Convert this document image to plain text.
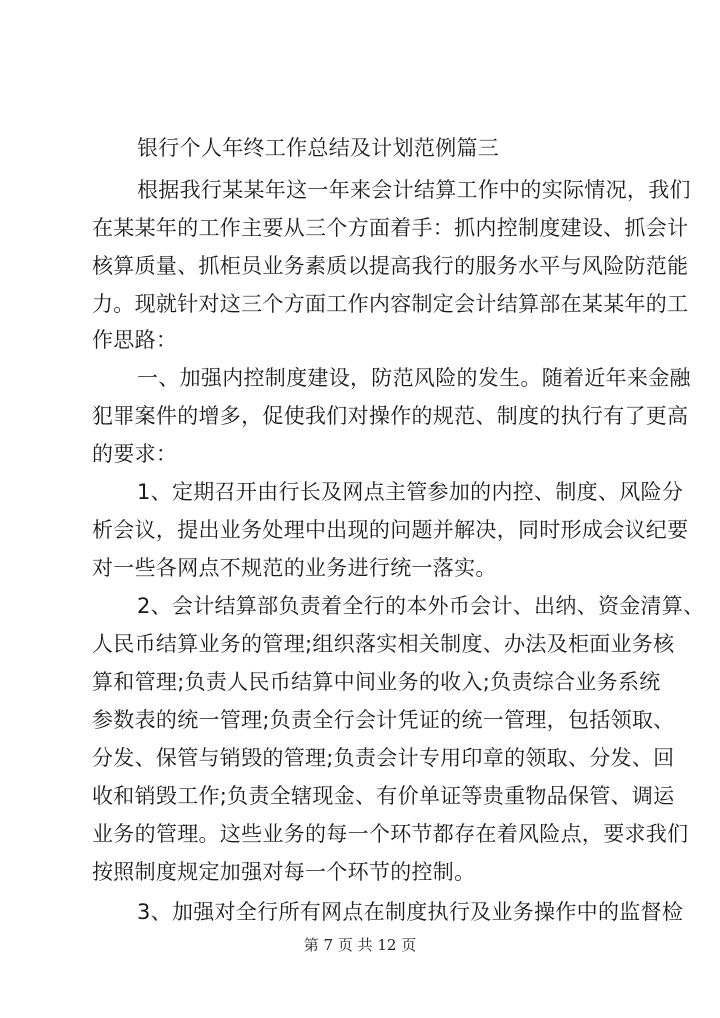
银行个人年终工作总结及计划范例篇三
根据我行某某年这一年来会计结算工作中的实际情况，我们
在某某年的工作主要从三个方面着手：抓内控制度建设、抓会计
核算质量、抓柜员业务素质以提高我行的服务水平与风险防范能
力。现就针对这三个方面工作内容制定会计结算部在某某年的工
作思路：
一、加强内控制度建设，防范风险的发生。随着近年来金融
犯罪案件的增多，促使我们对操作的规范、制度的执行有了更高
的要求：
1、定期召开由行长及网点主管参加的内控、制度、风险分
析会议，提出业务处理中出现的问题并解决，同时形成会议纪要
对一些各网点不规范的业务进行统一落实。
2、会计结算部负责着全行的本外币会计、出纳、资金清算、
人民币结算业务的管理;组织落实相关制度、办法及柜面业务核
算和管理;负责人民币结算中间业务的收入;负责综合业务系统
参数表的统一管理;负责全行会计凭证的统一管理，包括领取、
分发、保管与销毁的管理;负责会计专用印章的领取、分发、回
收和销毁工作;负责全辖现金、有价单证等贵重物品保管、调运
业务的管理。这些业务的每一个环节都存在着风险点，要求我们
按照制度规定加强对每一个环节的控制。
3、加强对全行所有网点在制度执行及业务操作中的监督检
第 7 页 共 12 页
